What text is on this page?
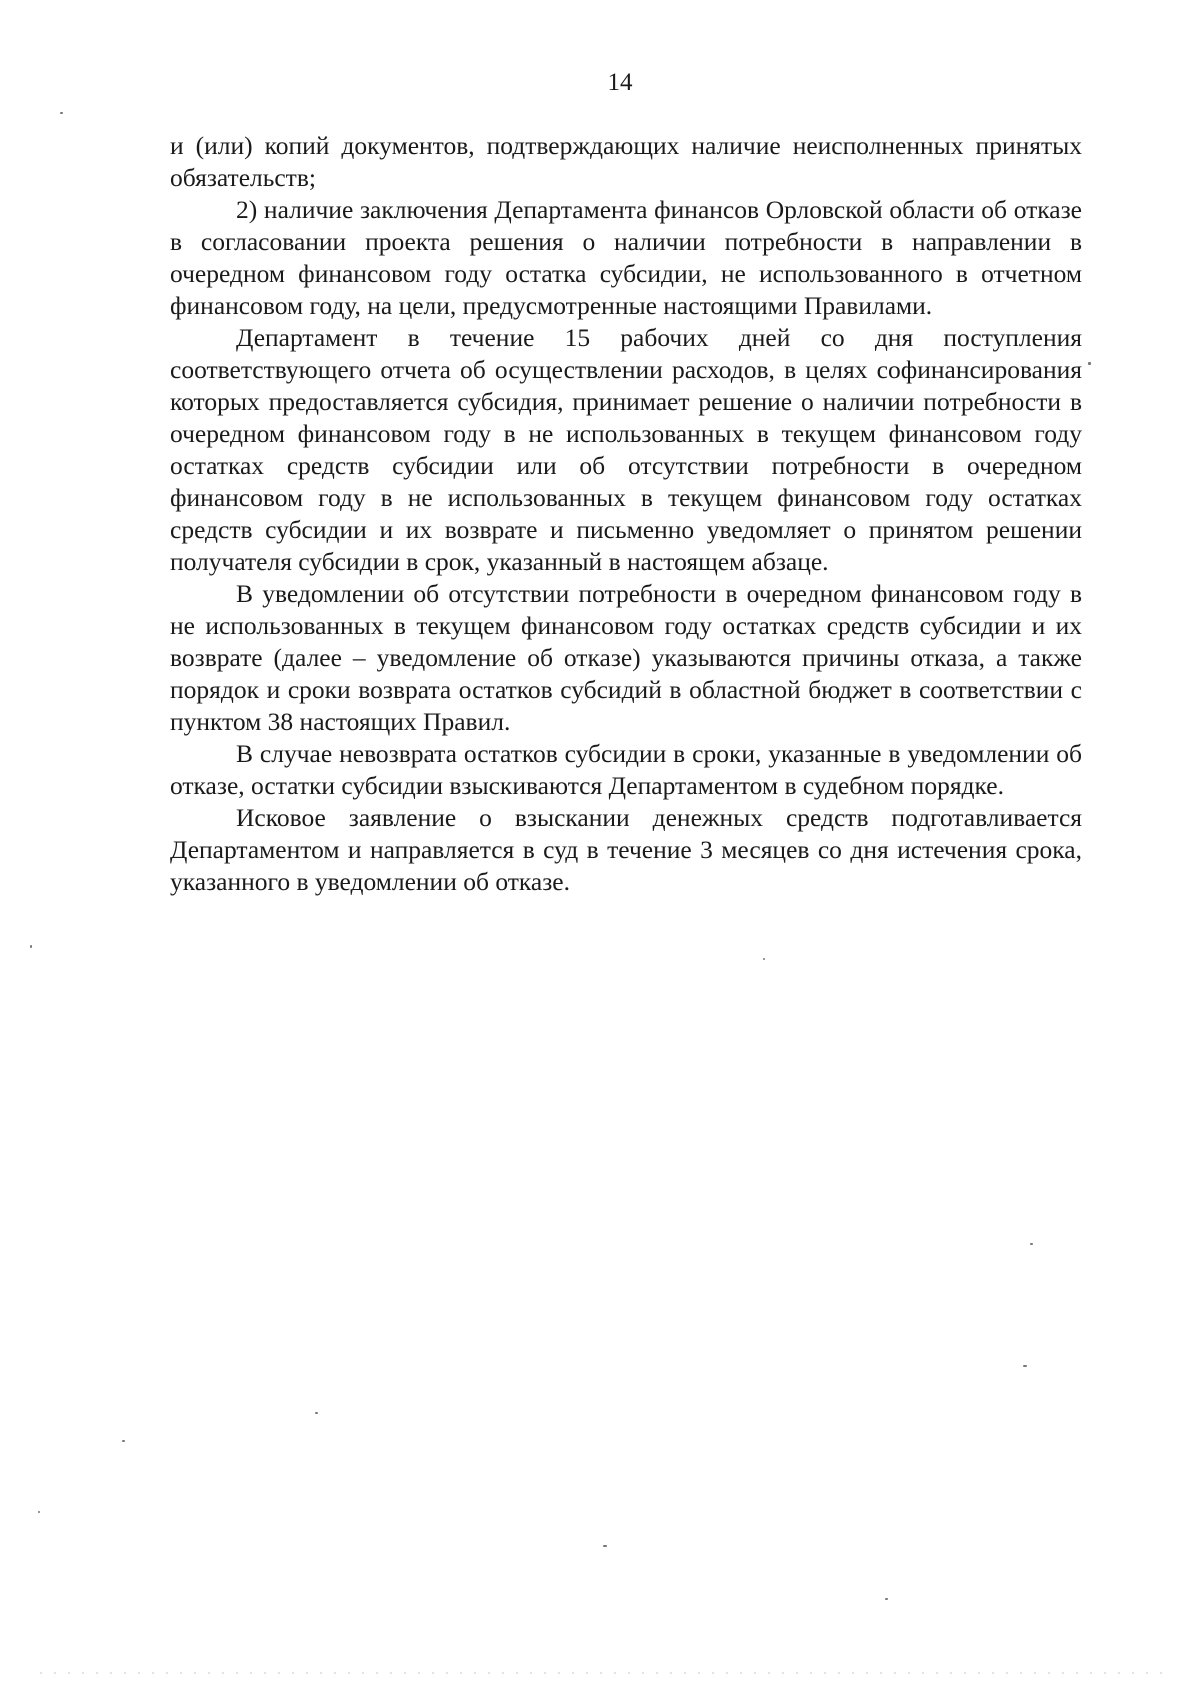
14

и (или) копий документов, подтверждающих наличие неисполненных принятых обязательств;

2) наличие заключения Департамента финансов Орловской области об отказе в согласовании проекта решения о наличии потребности в направлении в очередном финансовом году остатка субсидии, не использованного в отчетном финансовом году, на цели, предусмотренные настоящими Правилами.

Департамент в течение 15 рабочих дней со дня поступления соответствующего отчета об осуществлении расходов, в целях софинансирования которых предоставляется субсидия, принимает решение о наличии потребности в очередном финансовом году в не использованных в текущем финансовом году остатках средств субсидии или об отсутствии потребности в очередном финансовом году в не использованных в текущем финансовом году остатках средств субсидии и их возврате и письменно уведомляет о принятом решении получателя субсидии в срок, указанный в настоящем абзаце.

В уведомлении об отсутствии потребности в очередном финансовом году в не использованных в текущем финансовом году остатках средств субсидии и их возврате (далее – уведомление об отказе) указываются причины отказа, а также порядок и сроки возврата остатков субсидий в областной бюджет в соответствии с пунктом 38 настоящих Правил.

В случае невозврата остатков субсидии в сроки, указанные в уведомлении об отказе, остатки субсидии взыскиваются Департаментом в судебном порядке.

Исковое заявление о взыскании денежных средств подготавливается Департаментом и направляется в суд в течение 3 месяцев со дня истечения срока, указанного в уведомлении об отказе.
